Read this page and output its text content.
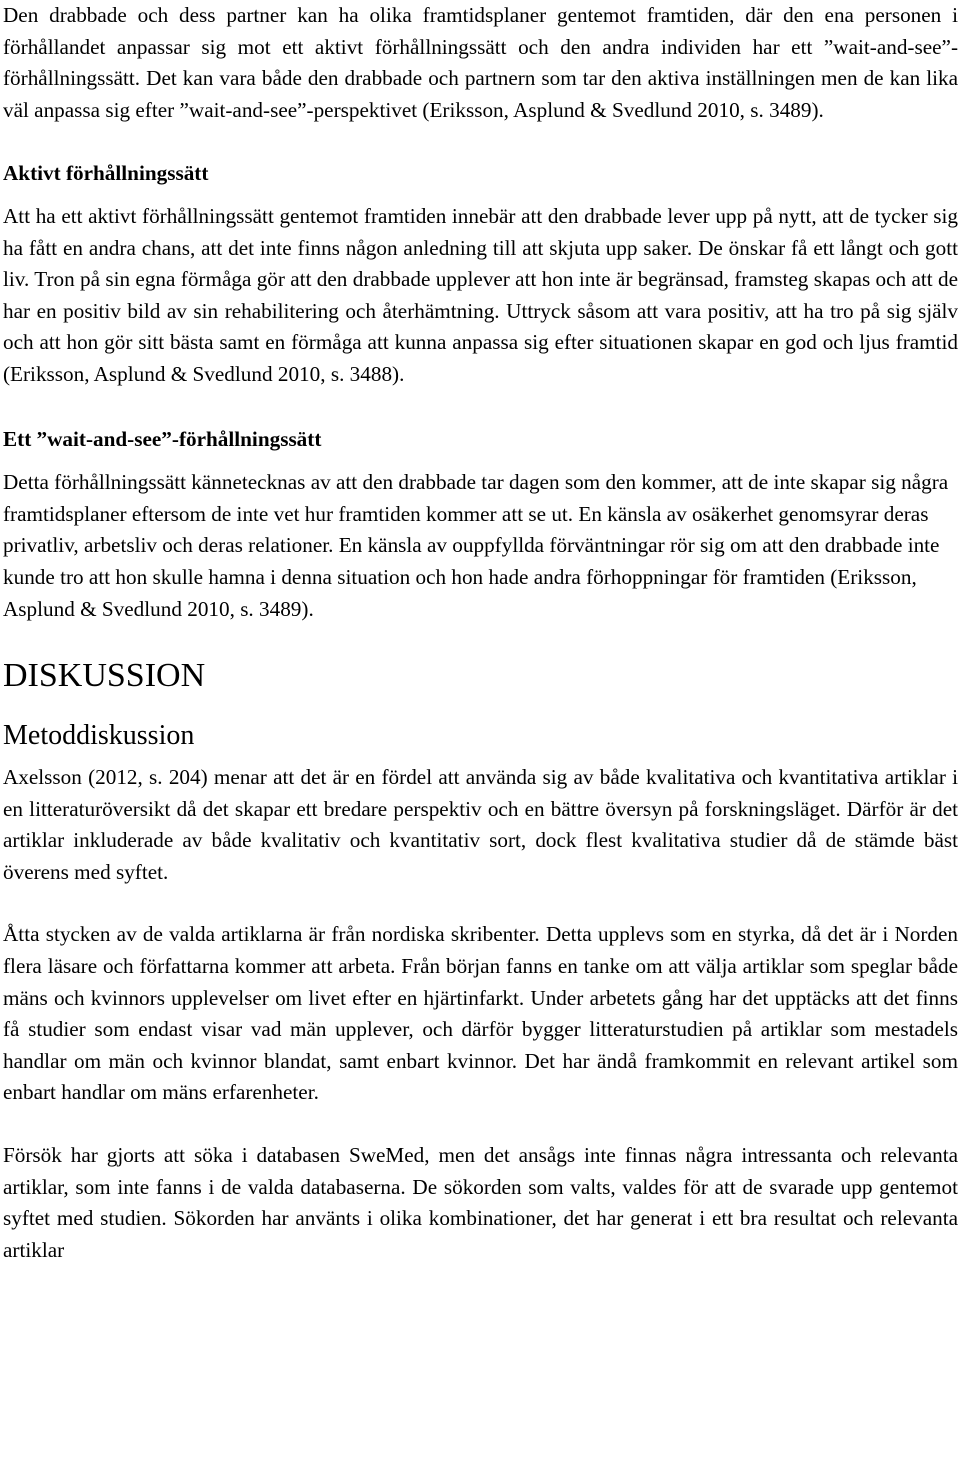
Den drabbade och dess partner kan ha olika framtidsplaner gentemot framtiden, där den ena personen i förhållandet anpassar sig mot ett aktivt förhållningssätt och den andra individen har ett ”wait-and-see”-förhållningssätt. Det kan vara både den drabbade och partnern som tar den aktiva inställningen men de kan lika väl anpassa sig efter ”wait-and-see”-perspektivet (Eriksson, Asplund & Svedlund 2010, s. 3489).

Aktivt förhållningssätt

Att ha ett aktivt förhållningssätt gentemot framtiden innebär att den drabbade lever upp på nytt, att de tycker sig ha fått en andra chans, att det inte finns någon anledning till att skjuta upp saker. De önskar få ett långt och gott liv. Tron på sin egna förmåga gör att den drabbade upplever att hon inte är begränsad, framsteg skapas och att de har en positiv bild av sin rehabilitering och återhämtning. Uttryck såsom att vara positiv, att ha tro på sig själv och att hon gör sitt bästa samt en förmåga att kunna anpassa sig efter situationen skapar en god och ljus framtid (Eriksson, Asplund & Svedlund 2010, s. 3488).

Ett ”wait-and-see”-förhållningssätt

Detta förhållningssätt kännetecknas av att den drabbade tar dagen som den kommer, att de inte skapar sig några framtidsplaner eftersom de inte vet hur framtiden kommer att se ut. En känsla av osäkerhet genomsyrar deras privatliv, arbetsliv och deras relationer. En känsla av ouppfyllda förväntningar rör sig om att den drabbade inte kunde tro att hon skulle hamna i denna situation och hon hade andra förhoppningar för framtiden (Eriksson, Asplund & Svedlund 2010, s. 3489).

DISKUSSION
Metoddiskussion

Axelsson (2012, s. 204) menar att det är en fördel att använda sig av både kvalitativa och kvantitativa artiklar i en litteraturöversikt då det skapar ett bredare perspektiv och en bättre översyn på forskningsläget. Därför är det artiklar inkluderade av både kvalitativ och kvantitativ sort, dock flest kvalitativa studier då de stämde bäst överens med syftet.

Åtta stycken av de valda artiklarna är från nordiska skribenter. Detta upplevs som en styrka, då det är i Norden flera läsare och författarna kommer att arbeta. Från början fanns en tanke om att välja artiklar som speglar både mäns och kvinnors upplevelser om livet efter en hjärtinfarkt. Under arbetets gång har det upptäcks att det finns få studier som endast visar vad män upplever, och därför bygger litteraturstudien på artiklar som mestadels handlar om män och kvinnor blandat, samt enbart kvinnor. Det har ändå framkommit en relevant artikel som enbart handlar om mäns erfarenheter.

Försök har gjorts att söka i databasen SweMed, men det ansågs inte finnas några intressanta och relevanta artiklar, som inte fanns i de valda databaserna. De sökorden som valts, valdes för att de svarade upp gentemot syftet med studien. Sökorden har använts i olika kombinationer, det har generat i ett bra resultat och relevanta artiklar
